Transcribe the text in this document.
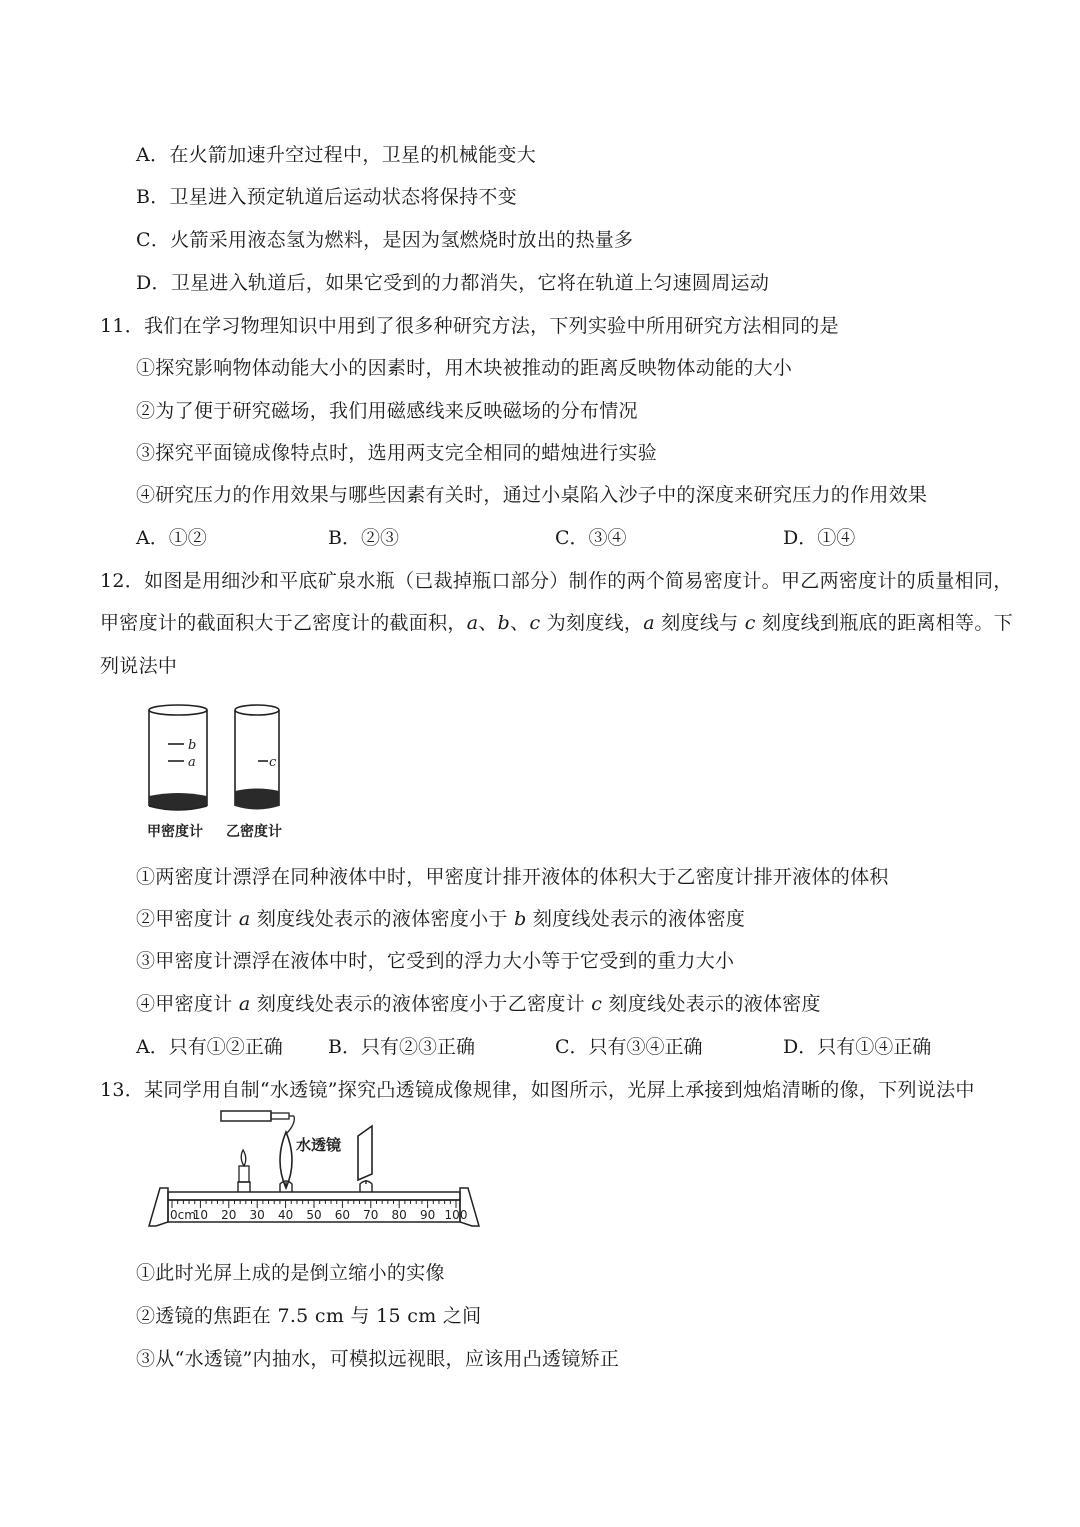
A．在火箭加速升空过程中，卫星的机械能变大
B．卫星进入预定轨道后运动状态将保持不变
C．火箭采用液态氢为燃料，是因为氢燃烧时放出的热量多
D．卫星进入轨道后，如果它受到的力都消失，它将在轨道上匀速圆周运动
11．我们在学习物理知识中用到了很多种研究方法，下列实验中所用研究方法相同的是
①探究影响物体动能大小的因素时，用木块被推动的距离反映物体动能的大小
②为了便于研究磁场，我们用磁感线来反映磁场的分布情况
③探究平面镜成像特点时，选用两支完全相同的蜡烛进行实验
④研究压力的作用效果与哪些因素有关时，通过小桌陷入沙子中的深度来研究压力的作用效果
A．①②	B．②③	C．③④	D．①④
12．如图是用细沙和平底矿泉水瓶（已裁掉瓶口部分）制作的两个简易密度计。甲乙两密度计的质量相同，
甲密度计的截面积大于乙密度计的截面积，a、b、c 为刻度线，a 刻度线与 c 刻度线到瓶底的距离相等。下
列说法中
b
a	c
甲密度计 乙密度计
①两密度计漂浮在同种液体中时，甲密度计排开液体的体积大于乙密度计排开液体的体积
②甲密度计 a 刻度线处表示的液体密度小于 b 刻度线处表示的液体密度
③甲密度计漂浮在液体中时，它受到的浮力大小等于它受到的重力大小
④甲密度计 a 刻度线处表示的液体密度小于乙密度计 c 刻度线处表示的液体密度
A．只有①②正确 B．只有②③正确	C．只有③④正确	D．只有①④正确
13．某同学用自制“水透镜”探究凸透镜成像规律，如图所示，光屏上承接到烛焰清晰的像，下列说法中
水透镜
0cm
10 20 30 40 50 60 70 80 90 100
①此时光屏上成的是倒立缩小的实像
②透镜的焦距在 7.5 cm 与 15 cm 之间
③从“水透镜”内抽水，可模拟远视眼，应该用凸透镜矫正
